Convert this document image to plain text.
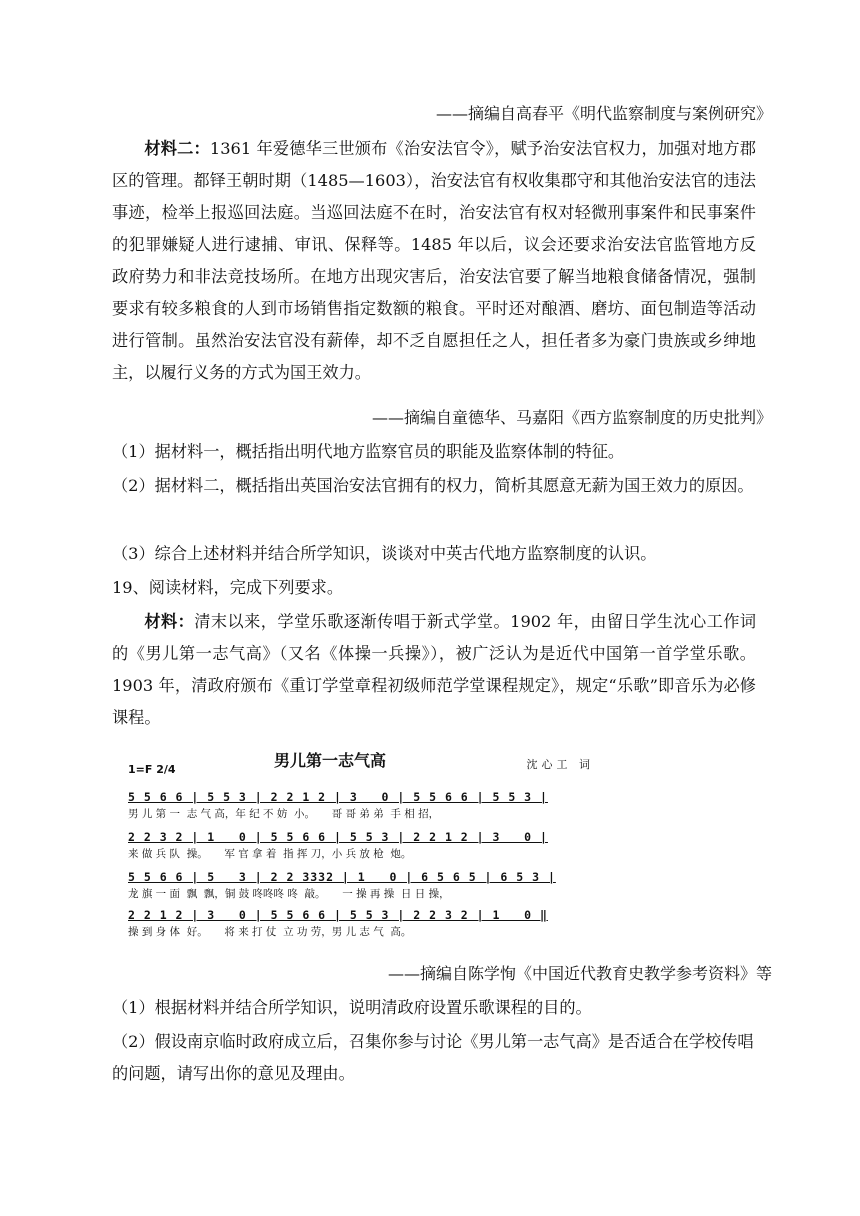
——摘编自高春平《明代监察制度与案例研究》

材料二：1361 年爱德华三世颁布《治安法官令》，赋予治安法官权力，加强对地方郡区的管理。都铎王朝时期（1485—1603），治安法官有权收集郡守和其他治安法官的违法事迹，检举上报巡回法庭。当巡回法庭不在时，治安法官有权对轻微刑事案件和民事案件的犯罪嫌疑人进行逮捕、审讯、保释等。1485 年以后，议会还要求治安法官监管地方反政府势力和非法竞技场所。在地方出现灾害后，治安法官要了解当地粮食储备情况，强制要求有较多粮食的人到市场销售指定数额的粮食。平时还对酿酒、磨坊、面包制造等活动进行管制。虽然治安法官没有薪俸，却不乏自愿担任之人，担任者多为豪门贵族或乡绅地主，以履行义务的方式为国王效力。

——摘编自童德华、马嘉阳《西方监察制度的历史批判》

（1）据材料一，概括指出明代地方监察官员的职能及监察体制的特征。

（2）据材料二，概括指出英国治安法官拥有的权力，简析其愿意无薪为国王效力的原因。

（3）综合上述材料并结合所学知识，谈谈对中英古代地方监察制度的认识。

19、阅读材料，完成下列要求。

材料：清末以来，学堂乐歌逐渐传唱于新式学堂。1902 年，由留日学生沈心工作词的《男儿第一志气高》（又名《体操一兵操》），被广泛认为是近代中国第一首学堂乐歌。1903 年，清政府颁布《重订学堂章程初级师范学堂课程规定》，规定“乐歌”即音乐为必修课程。

男儿第一志气高	沈心工 词
1=F 2/4
5 5 6 6 | 5 5 3 | 2 2 1 2 | 3   0 | 5 5 6 6 | 5 5 3 |
男 儿 第 一  志 气 高，年 纪 不 妨  小。     哥 哥 弟 弟  手 相 招，
2 2 3 2 | 1   0 | 5 5 6 6 | 5 5 3 | 2 2 1 2 | 3   0 |
来 做 兵 队  操。     军 官 拿 着  指 挥 刀，小 兵 放 枪  炮。
5 5 6 6 | 5   3 | 2 2 3332 | 1   0 | 6 5 6 5 | 6 5 3 |
龙 旗 一 面  飘  飘，铜 鼓 咚咚咚 咚  敲。     一 操 再 操  日 日 操，
2 2 1 2 | 3   0 | 5 5 6 6 | 5 5 3 | 2 2 3 2 | 1   0 ‖
操 到 身 体  好。     将 来 打 仗  立 功 劳，男 儿 志 气  高。
——摘编自陈学恂《中国近代教育史教学参考资料》等

（1）根据材料并结合所学知识，说明清政府设置乐歌课程的目的。

（2）假设南京临时政府成立后，召集你参与讨论《男儿第一志气高》是否适合在学校传唱的问题，请写出你的意见及理由。
